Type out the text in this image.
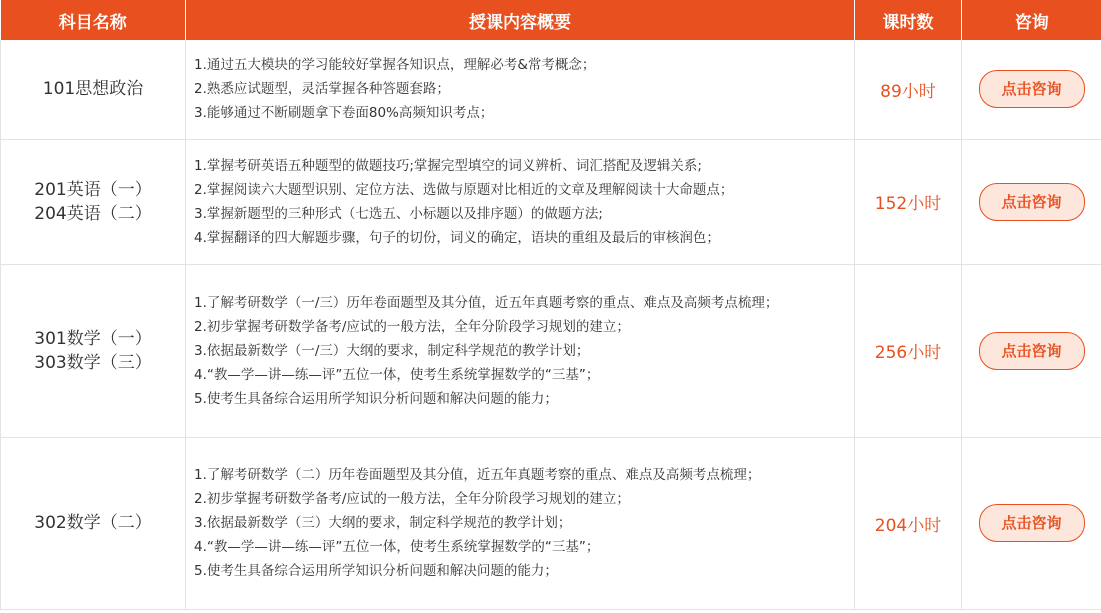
科目名称	授课内容概要	课时数	咨询

101思想政治	1.通过五大模块的学习能较好掌握各知识点，理解必考&常考概念；
2.熟悉应试题型，灵活掌握各种答题套路；
3.能够通过不断刷题拿下卷面80%高频知识考点；	89小时	点击咨询

201英语（一）
204英语（二）	1.掌握考研英语五种题型的做题技巧;掌握完型填空的词义辨析、词汇搭配及逻辑关系;
2.掌握阅读六大题型识别、定位方法、选做与原题对比相近的文章及理解阅读十大命题点；
3.掌握新题型的三种形式（七选五、小标题以及排序题）的做题方法;
4.掌握翻译的四大解题步骤，句子的切份，词义的确定，语块的重组及最后的审核润色；	152小时	点击咨询

301数学（一）
303数学（三）	1.了解考研数学（一/三）历年卷面题型及其分值，近五年真题考察的重点、难点及高频考点梳理；
2.初步掌握考研数学备考/应试的一般方法，全年分阶段学习规划的建立；
3.依据最新数学（一/三）大纲的要求，制定科学规范的教学计划；
4.“教—学—讲—练—评”五位一体，使考生系统掌握数学的“三基”；
5.使考生具备综合运用所学知识分析问题和解决问题的能力；	256小时	点击咨询

302数学（二）	1.了解考研数学（二）历年卷面题型及其分值，近五年真题考察的重点、难点及高频考点梳理；
2.初步掌握考研数学备考/应试的一般方法，全年分阶段学习规划的建立；
3.依据最新数学（三）大纲的要求，制定科学规范的教学计划；
4.“教—学—讲—练—评”五位一体，使考生系统掌握数学的“三基”；
5.使考生具备综合运用所学知识分析问题和解决问题的能力；	204小时	点击咨询
